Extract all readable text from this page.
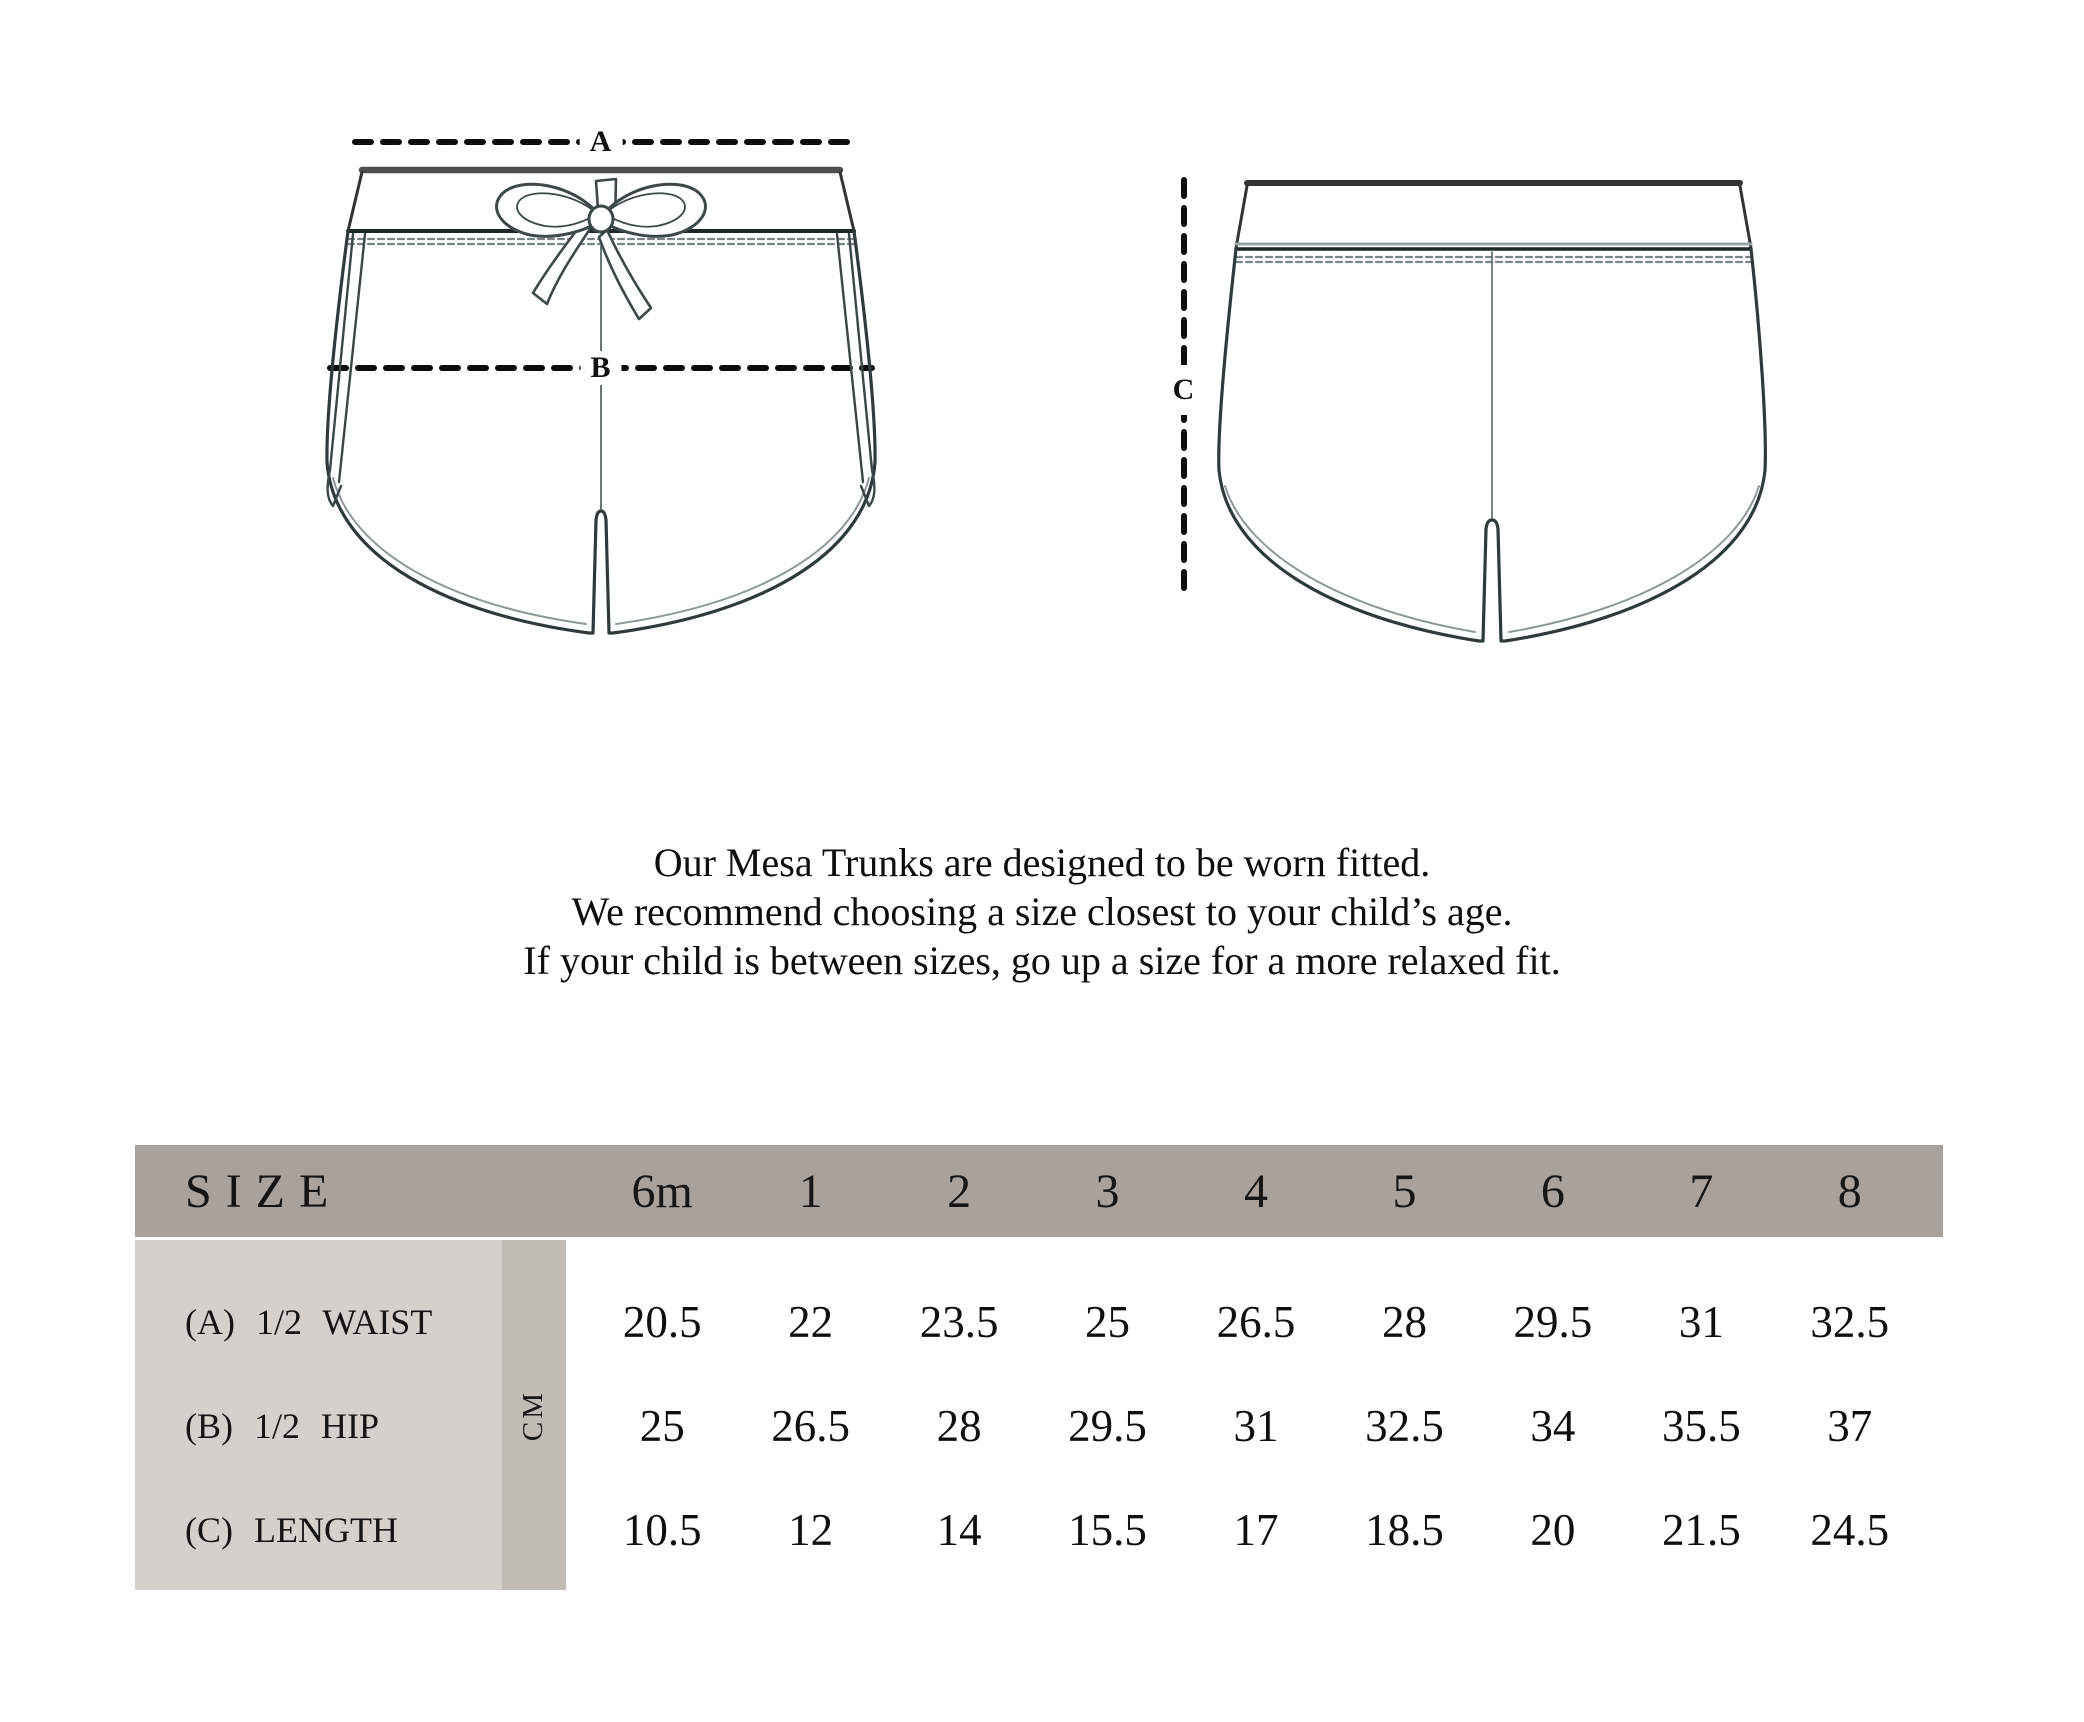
A
B
C
Our Mesa Trunks are designed to be worn fitted.
We recommend choosing a size closest to your child’s age.
If your child is between sizes, go up a size for a more relaxed fit.
SIZE	6m	1	2	3	4	5	6	7	8
CM
(A) 1/2 WAIST	20.5	22	23.5	25	26.5	28	29.5	31	32.5
(B) 1/2 HIP	25	26.5	28	29.5	31	32.5	34	35.5	37
(C) LENGTH	10.5	12	14	15.5	17	18.5	20	21.5	24.5
